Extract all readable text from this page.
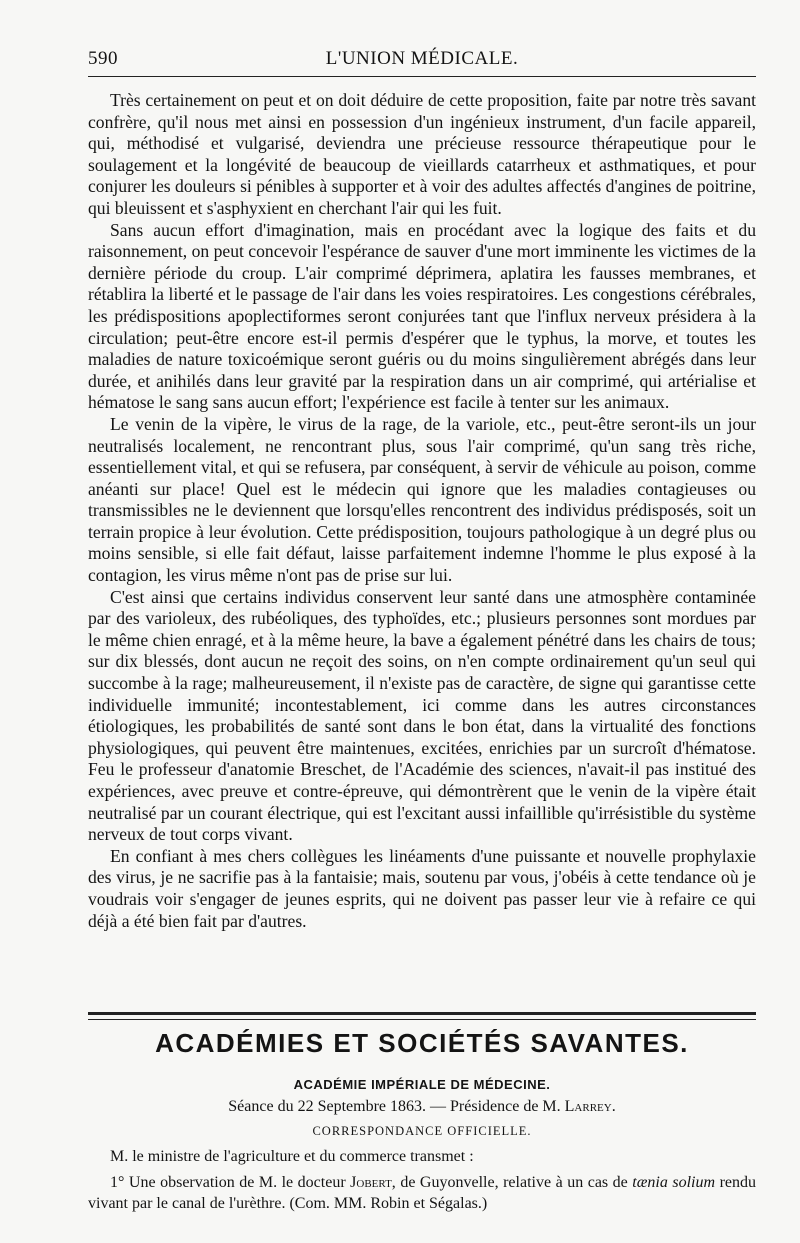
590	L'UNION MÉDICALE.

Très certainement on peut et on doit déduire de cette proposition, faite par notre très savant confrère, qu'il nous met ainsi en possession d'un ingénieux instrument, d'un facile appareil, qui, méthodisé et vulgarisé, deviendra une précieuse ressource thérapeutique pour le soulagement et la longévité de beaucoup de vieillards catarrheux et asthmatiques, et pour conjurer les douleurs si pénibles à supporter et à voir des adultes affectés d'angines de poitrine, qui bleuissent et s'asphyxient en cherchant l'air qui les fuit.

Sans aucun effort d'imagination, mais en procédant avec la logique des faits et du raisonnement, on peut concevoir l'espérance de sauver d'une mort imminente les victimes de la dernière période du croup. L'air comprimé déprimera, aplatira les fausses membranes, et rétablira la liberté et le passage de l'air dans les voies respiratoires. Les congestions cérébrales, les prédispositions apoplectiformes seront conjurées tant que l'influx nerveux présidera à la circulation; peut-être encore est-il permis d'espérer que le typhus, la morve, et toutes les maladies de nature toxicoémique seront guéris ou du moins singulièrement abrégés dans leur durée, et anihilés dans leur gravité par la respiration dans un air comprimé, qui artérialise et hématose le sang sans aucun effort; l'expérience est facile à tenter sur les animaux.

Le venin de la vipère, le virus de la rage, de la variole, etc., peut-être seront-ils un jour neutralisés localement, ne rencontrant plus, sous l'air comprimé, qu'un sang très riche, essentiellement vital, et qui se refusera, par conséquent, à servir de véhicule au poison, comme anéanti sur place! Quel est le médecin qui ignore que les maladies contagieuses ou transmissibles ne le deviennent que lorsqu'elles rencontrent des individus prédisposés, soit un terrain propice à leur évolution. Cette prédisposition, toujours pathologique à un degré plus ou moins sensible, si elle fait défaut, laisse parfaitement indemne l'homme le plus exposé à la contagion, les virus même n'ont pas de prise sur lui.

C'est ainsi que certains individus conservent leur santé dans une atmosphère contaminée par des varioleux, des rubéoliques, des typhoïdes, etc.; plusieurs personnes sont mordues par le même chien enragé, et à la même heure, la bave a également pénétré dans les chairs de tous; sur dix blessés, dont aucun ne reçoit des soins, on n'en compte ordinairement qu'un seul qui succombe à la rage; malheureusement, il n'existe pas de caractère, de signe qui garantisse cette individuelle immunité; incontestablement, ici comme dans les autres circonstances étiologiques, les probabilités de santé sont dans le bon état, dans la virtualité des fonctions physiologiques, qui peuvent être maintenues, excitées, enrichies par un surcroît d'hématose. Feu le professeur d'anatomie Breschet, de l'Académie des sciences, n'avait-il pas institué des expériences, avec preuve et contre-épreuve, qui démontrèrent que le venin de la vipère était neutralisé par un courant électrique, qui est l'excitant aussi infaillible qu'irrésistible du système nerveux de tout corps vivant.

En confiant à mes chers collègues les linéaments d'une puissante et nouvelle prophylaxie des virus, je ne sacrifie pas à la fantaisie; mais, soutenu par vous, j'obéis à cette tendance où je voudrais voir s'engager de jeunes esprits, qui ne doivent pas passer leur vie à refaire ce qui déjà a été bien fait par d'autres.

ACADÉMIES ET SOCIÉTÉS SAVANTES.
ACADÉMIE IMPÉRIALE DE MÉDECINE.
Séance du 22 Septembre 1863. — Présidence de M. Larrey.
CORRESPONDANCE OFFICIELLE.
M. le ministre de l'agriculture et du commerce transmet :

1° Une observation de M. le docteur Jobert, de Guyonvelle, relative à un cas de tænia solium rendu vivant par le canal de l'urèthre. (Com. MM. Robin et Ségalas.)
